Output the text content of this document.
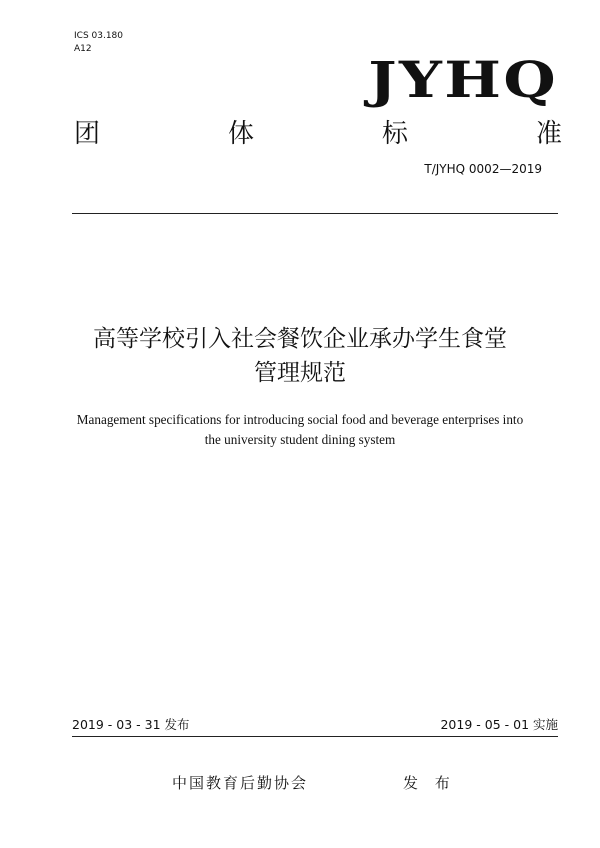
ICS 03.180
A12
JYHQ
团	体	标	准
T/JYHQ 0002—2019
高等学校引入社会餐饮企业承办学生食堂
管理规范
Management specifications for introducing social food and beverage enterprises into
the university student dining system
2019 - 03 - 31 发布	2019 - 05 - 01 实施
中国教育后勤协会	发 布
